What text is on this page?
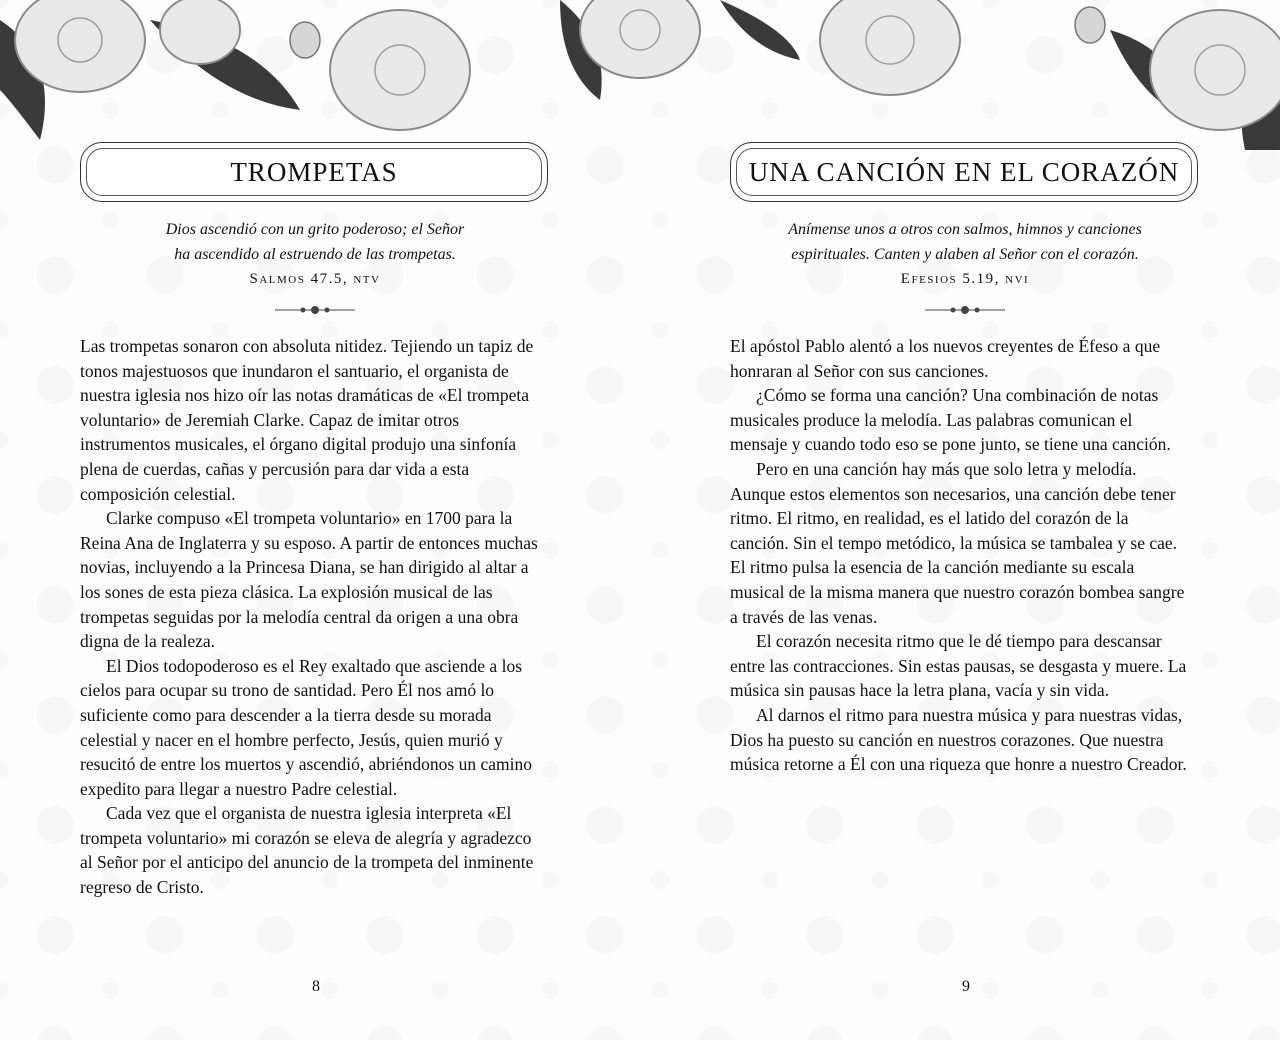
TROMPETAS
Dios ascendió con un grito poderoso; el Señor
ha ascendido al estruendo de las trompetas.
Salmos 47.5, ntv

Las trompetas sonaron con absoluta nitidez. Tejiendo un tapiz de tonos majestuosos que inundaron el santuario, el organista de nuestra iglesia nos hizo oír las notas dramáticas de «El trompeta voluntario» de Jeremiah Clarke. Capaz de imitar otros instrumentos musicales, el órgano digital produjo una sinfonía plena de cuerdas, cañas y percusión para dar vida a esta composición celestial.

Clarke compuso «El trompeta voluntario» en 1700 para la Reina Ana de Inglaterra y su esposo. A partir de entonces muchas novias, incluyendo a la Princesa Diana, se han dirigido al altar a los sones de esta pieza clásica. La explosión musical de las trompetas seguidas por la melodía central da origen a una obra digna de la realeza.

El Dios todopoderoso es el Rey exaltado que asciende a los cielos para ocupar su trono de santidad. Pero Él nos amó lo suficiente como para descender a la tierra desde su morada celestial y nacer en el hombre perfecto, Jesús, quien murió y resucitó de entre los muertos y ascendió, abriéndonos un camino expedito para llegar a nuestro Padre celestial.

Cada vez que el organista de nuestra iglesia interpreta «El trompeta voluntario» mi corazón se eleva de alegría y agradezco al Señor por el anticipo del anuncio de la trompeta del inminente regreso de Cristo.

8
UNA CANCIÓN EN EL CORAZÓN
Anímense unos a otros con salmos, himnos y canciones
espirituales. Canten y alaben al Señor con el corazón.
Efesios 5.19, nvi

El apóstol Pablo alentó a los nuevos creyentes de Éfeso a que honraran al Señor con sus canciones.

¿Cómo se forma una canción? Una combinación de notas musicales produce la melodía. Las palabras comunican el mensaje y cuando todo eso se pone junto, se tiene una canción.

Pero en una canción hay más que solo letra y melodía. Aunque estos elementos son necesarios, una canción debe tener ritmo. El ritmo, en realidad, es el latido del corazón de la canción. Sin el tempo metódico, la música se tambalea y se cae. El ritmo pulsa la esencia de la canción mediante su escala musical de la misma manera que nuestro corazón bombea sangre a través de las venas.

El corazón necesita ritmo que le dé tiempo para descansar entre las contracciones. Sin estas pausas, se desgasta y muere. La música sin pausas hace la letra plana, vacía y sin vida.

Al darnos el ritmo para nuestra música y para nuestras vidas, Dios ha puesto su canción en nuestros corazones. Que nuestra música retorne a Él con una riqueza que honre a nuestro Creador.

9
